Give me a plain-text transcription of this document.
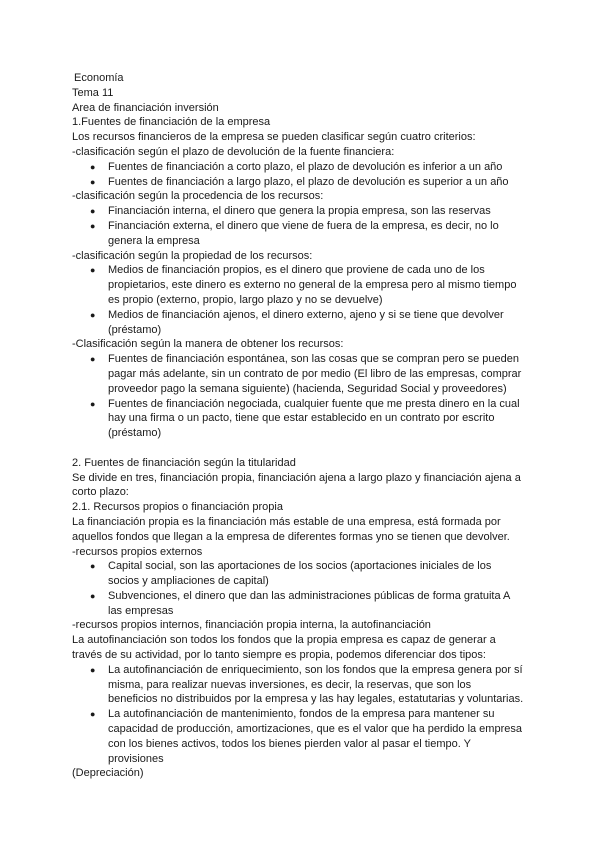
Economía
Tema 11
Area de financiación inversión
1.Fuentes de financiación de la empresa
Los recursos financieros de la empresa se pueden clasificar según cuatro criterios:
-clasificación según el plazo de devolución de la fuente financiera:
● Fuentes de financiación a corto plazo, el plazo de devolución es inferior a un año
● Fuentes de financiación a largo plazo, el plazo de devolución es superior a un año
-clasificación según la procedencia de los recursos:
● Financiación interna, el dinero que genera la propia empresa, son las reservas
● Financiación externa, el dinero que viene de fuera de la empresa, es decir, no lo
genera la empresa
-clasificación según la propiedad de los recursos:
● Medios de financiación propios, es el dinero que proviene de cada uno de los
propietarios, este dinero es externo no general de la empresa pero al mismo tiempo
es propio (externo, propio, largo plazo y no se devuelve)
● Medios de financiación ajenos, el dinero externo, ajeno y si se tiene que devolver
(préstamo)
-Clasificación según la manera de obtener los recursos:
● Fuentes de financiación espontánea, son las cosas que se compran pero se pueden
pagar más adelante, sin un contrato de por medio (El libro de las empresas, comprar
proveedor pago la semana siguiente) (hacienda, Seguridad Social y proveedores)
● Fuentes de financiación negociada, cualquier fuente que me presta dinero en la cual
hay una firma o un pacto, tiene que estar establecido en un contrato por escrito
(préstamo)
2. Fuentes de financiación según la titularidad
Se divide en tres, financiación propia, financiación ajena a largo plazo y financiación ajena a
corto plazo:
2.1. Recursos propios o financiación propia
La financiación propia es la financiación más estable de una empresa, está formada por
aquellos fondos que llegan a la empresa de diferentes formas yno se tienen que devolver.
-recursos propios externos
● Capital social, son las aportaciones de los socios (aportaciones iniciales de los
socios y ampliaciones de capital)
● Subvenciones, el dinero que dan las administraciones públicas de forma gratuita A
las empresas
-recursos propios internos, financiación propia interna, la autofinanciación
La autofinanciación son todos los fondos que la propia empresa es capaz de generar a
través de su actividad, por lo tanto siempre es propia, podemos diferenciar dos tipos:
● La autofinanciación de enriquecimiento, son los fondos que la empresa genera por sí
misma, para realizar nuevas inversiones, es decir, la reservas, que son los
beneficios no distribuidos por la empresa y las hay legales, estatutarias y voluntarias.
● La autofinanciación de mantenimiento, fondos de la empresa para mantener su
capacidad de producción, amortizaciones, que es el valor que ha perdido la empresa
con los bienes activos, todos los bienes pierden valor al pasar el tiempo. Y
provisiones
(Depreciación)
